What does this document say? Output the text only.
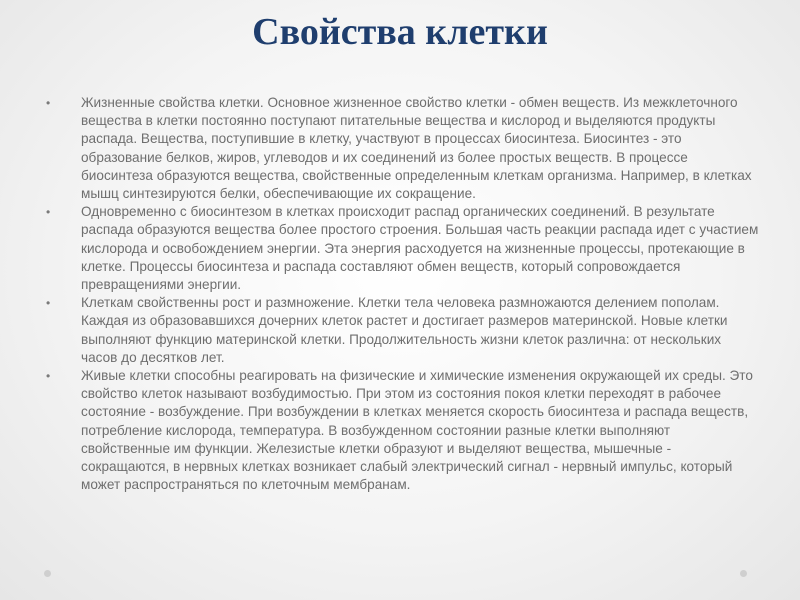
Свойства клетки
• Жизненные свойства клетки. Основное жизненное свойство клетки - обмен веществ. Из межклеточного вещества в клетки постоянно поступают питательные вещества и кислород и выделяются продукты распада. Вещества, поступившие в клетку, участвуют в процессах биосинтеза. Биосинтез - это образование белков, жиров, углеводов и их соединений из более простых веществ. В процессе биосинтеза образуются вещества, свойственные определенным клеткам организма. Например, в клетках мышц синтезируются белки, обеспечивающие их сокращение.
• Одновременно с биосинтезом в клетках происходит распад органических соединений. В результате распада образуются вещества более простого строения. Большая часть реакции распада идет с участием кислорода и освобождением энергии. Эта энергия расходуется на жизненные процессы, протекающие в клетке. Процессы биосинтеза и распада составляют обмен веществ, который сопровождается превращениями энергии.
• Клеткам свойственны рост и размножение. Клетки тела человека размножаются делением пополам. Каждая из образовавшихся дочерних клеток растет и достигает размеров материнской. Новые клетки выполняют функцию материнской клетки. Продолжительность жизни клеток различна: от нескольких часов до десятков лет.
• Живые клетки способны реагировать на физические и химические изменения окружающей их среды. Это свойство клеток называют возбудимостью. При этом из состояния покоя клетки переходят в рабочее состояние - возбуждение. При возбуждении в клетках меняется скорость биосинтеза и распада веществ, потребление кислорода, температура. В возбужденном состоянии разные клетки выполняют свойственные им функции. Железистые клетки образуют и выделяют вещества, мышечные - сокращаются, в нервных клетках возникает слабый электрический сигнал - нервный импульс, который может распространяться по клеточным мембранам.
